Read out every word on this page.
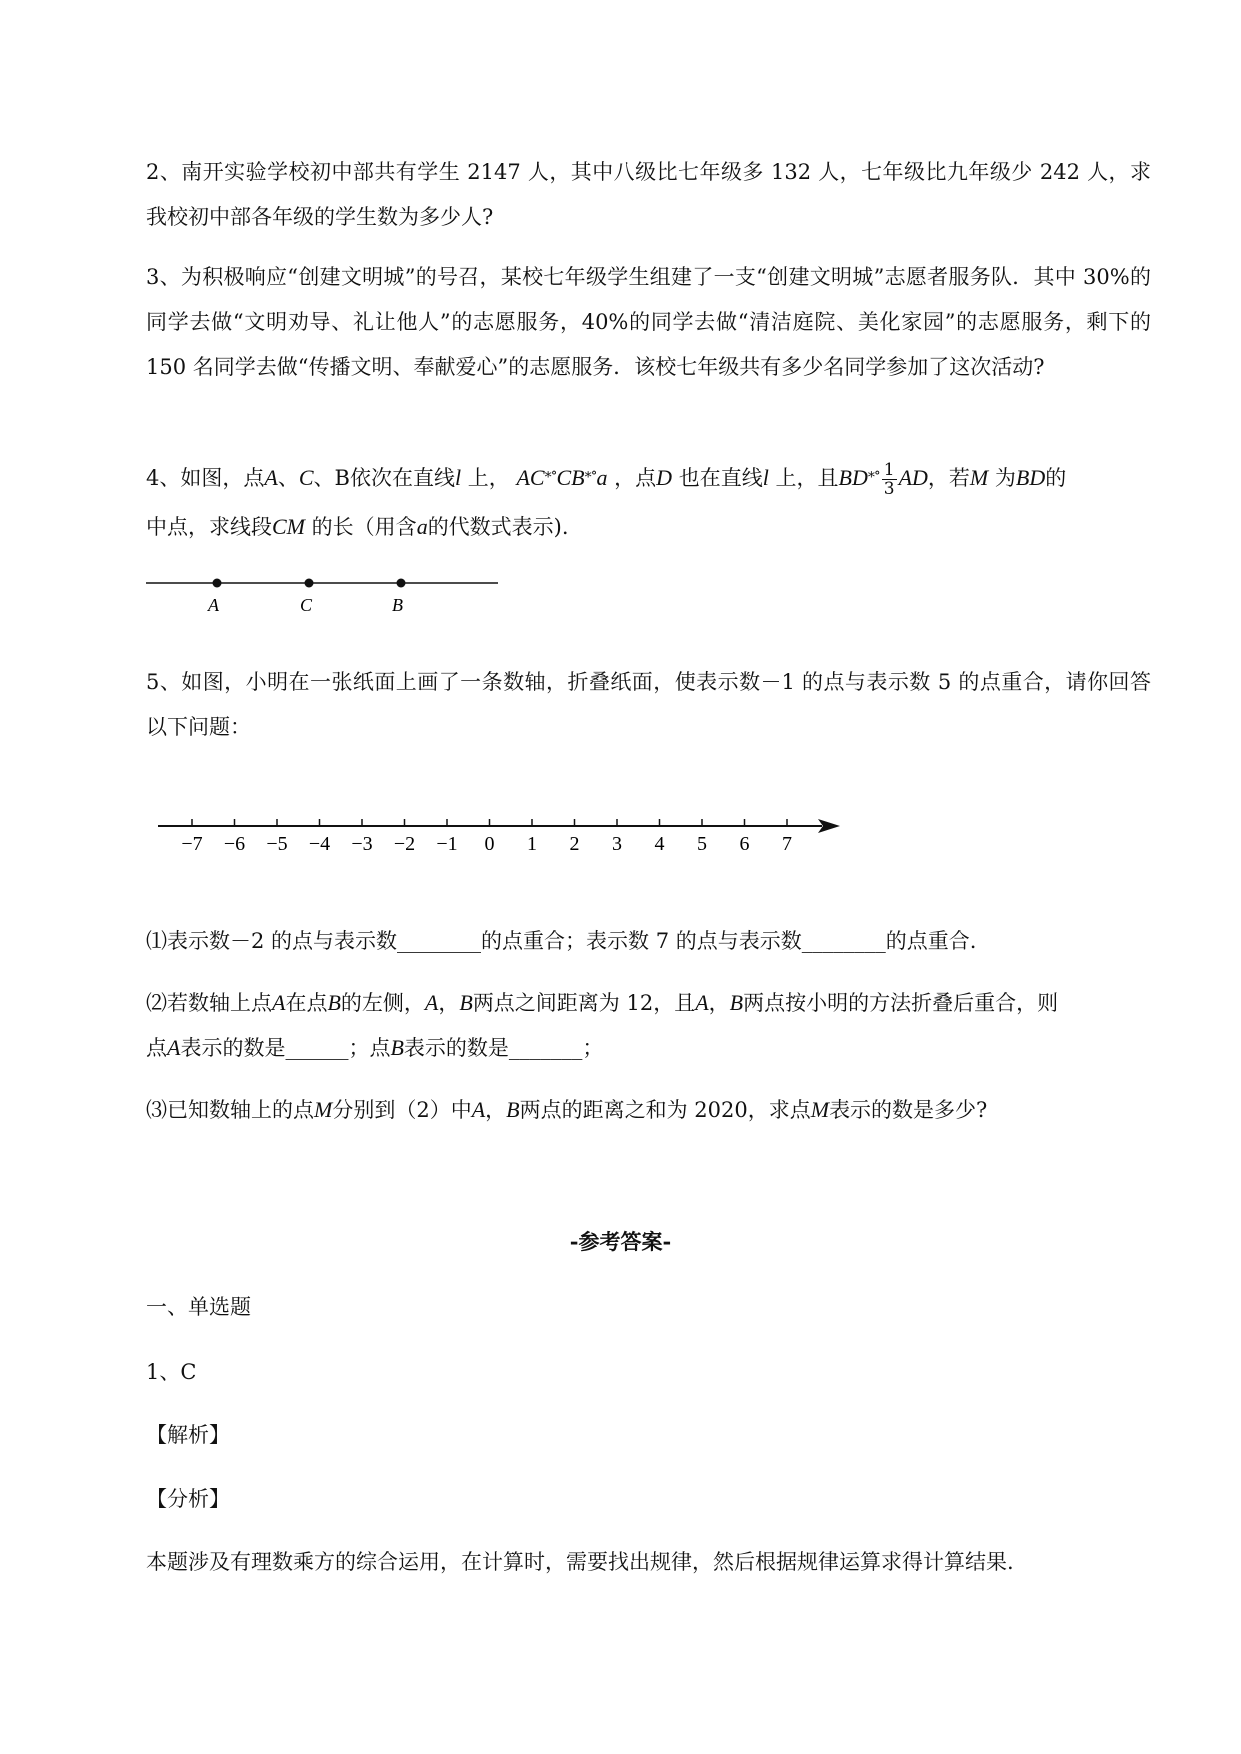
2、南开实验学校初中部共有学生 2147 人，其中八级比七年级多 132 人，七年级比九年级少 242 人，求我校初中部各年级的学生数为多少人?

3、为积极响应“创建文明城”的号召，某校七年级学生组建了一支“创建文明城”志愿者服务队．其中 30%的同学去做“文明劝导、礼让他人”的志愿服务，40%的同学去做“清洁庭院、美化家园”的志愿服务，剩下的 150 名同学去做“传播文明、奉献爱心”的志愿服务．该校七年级共有多少名同学参加了这次活动?

4、如图，点A、C、B依次在直线l 上， AC⁎∘CB⁎∘a ，点D 也在直线l 上，且$BD^{⁎\circ} \frac{1}{3}$ AD，若M 为BD的
中点，求线段CM 的长（用含a的代数式表示).
A	C	B

5、如图，小明在一张纸面上画了一条数轴，折叠纸面，使表示数－1 的点与表示数 5 的点重合，请你回答以下问题：

−7 −6 −5 −4 −3 −2 −1 0 1 2 3 4 5 6 7
⑴表示数－2 的点与表示数________的点重合；表示数 7 的点与表示数________的点重合.
⑵若数轴上点A在点B的左侧，A，B两点之间距离为 12，且A，B两点按小明的方法折叠后重合，则
点A表示的数是______；点B表示的数是_______；
⑶已知数轴上的点M分别到（2）中A，B两点的距离之和为 2020，求点M表示的数是多少?
-参考答案-
一、单选题
1、C
【解析】
【分析】
本题涉及有理数乘方的综合运用，在计算时，需要找出规律，然后根据规律运算求得计算结果.
